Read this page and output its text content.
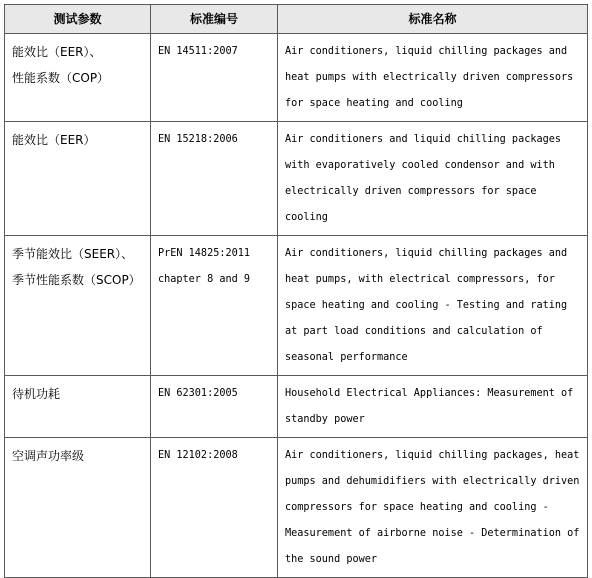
测试参数	标准编号	标准名称

能效比（EER）、
性能系数（COP）	EN 14511:2007	Air conditioners, liquid chilling packages and
heat pumps with electrically driven compressors
for space heating and cooling

能效比（EER）	EN 15218:2006	Air conditioners and liquid chilling packages
with evaporatively cooled condensor and with
electrically driven compressors for space
cooling

季节能效比（SEER）、
季节性能系数（SCOP）	PrEN 14825:2011
chapter 8 and 9	Air conditioners, liquid chilling packages and
heat pumps, with electrical compressors, for
space heating and cooling - Testing and rating
at part load conditions and calculation of
seasonal performance

待机功耗	EN 62301:2005	Household Electrical Appliances: Measurement of
standby power

空调声功率级	EN 12102:2008	Air conditioners, liquid chilling packages, heat
pumps and dehumidifiers with electrically driven
compressors for space heating and cooling -
Measurement of airborne noise - Determination of
the sound power
